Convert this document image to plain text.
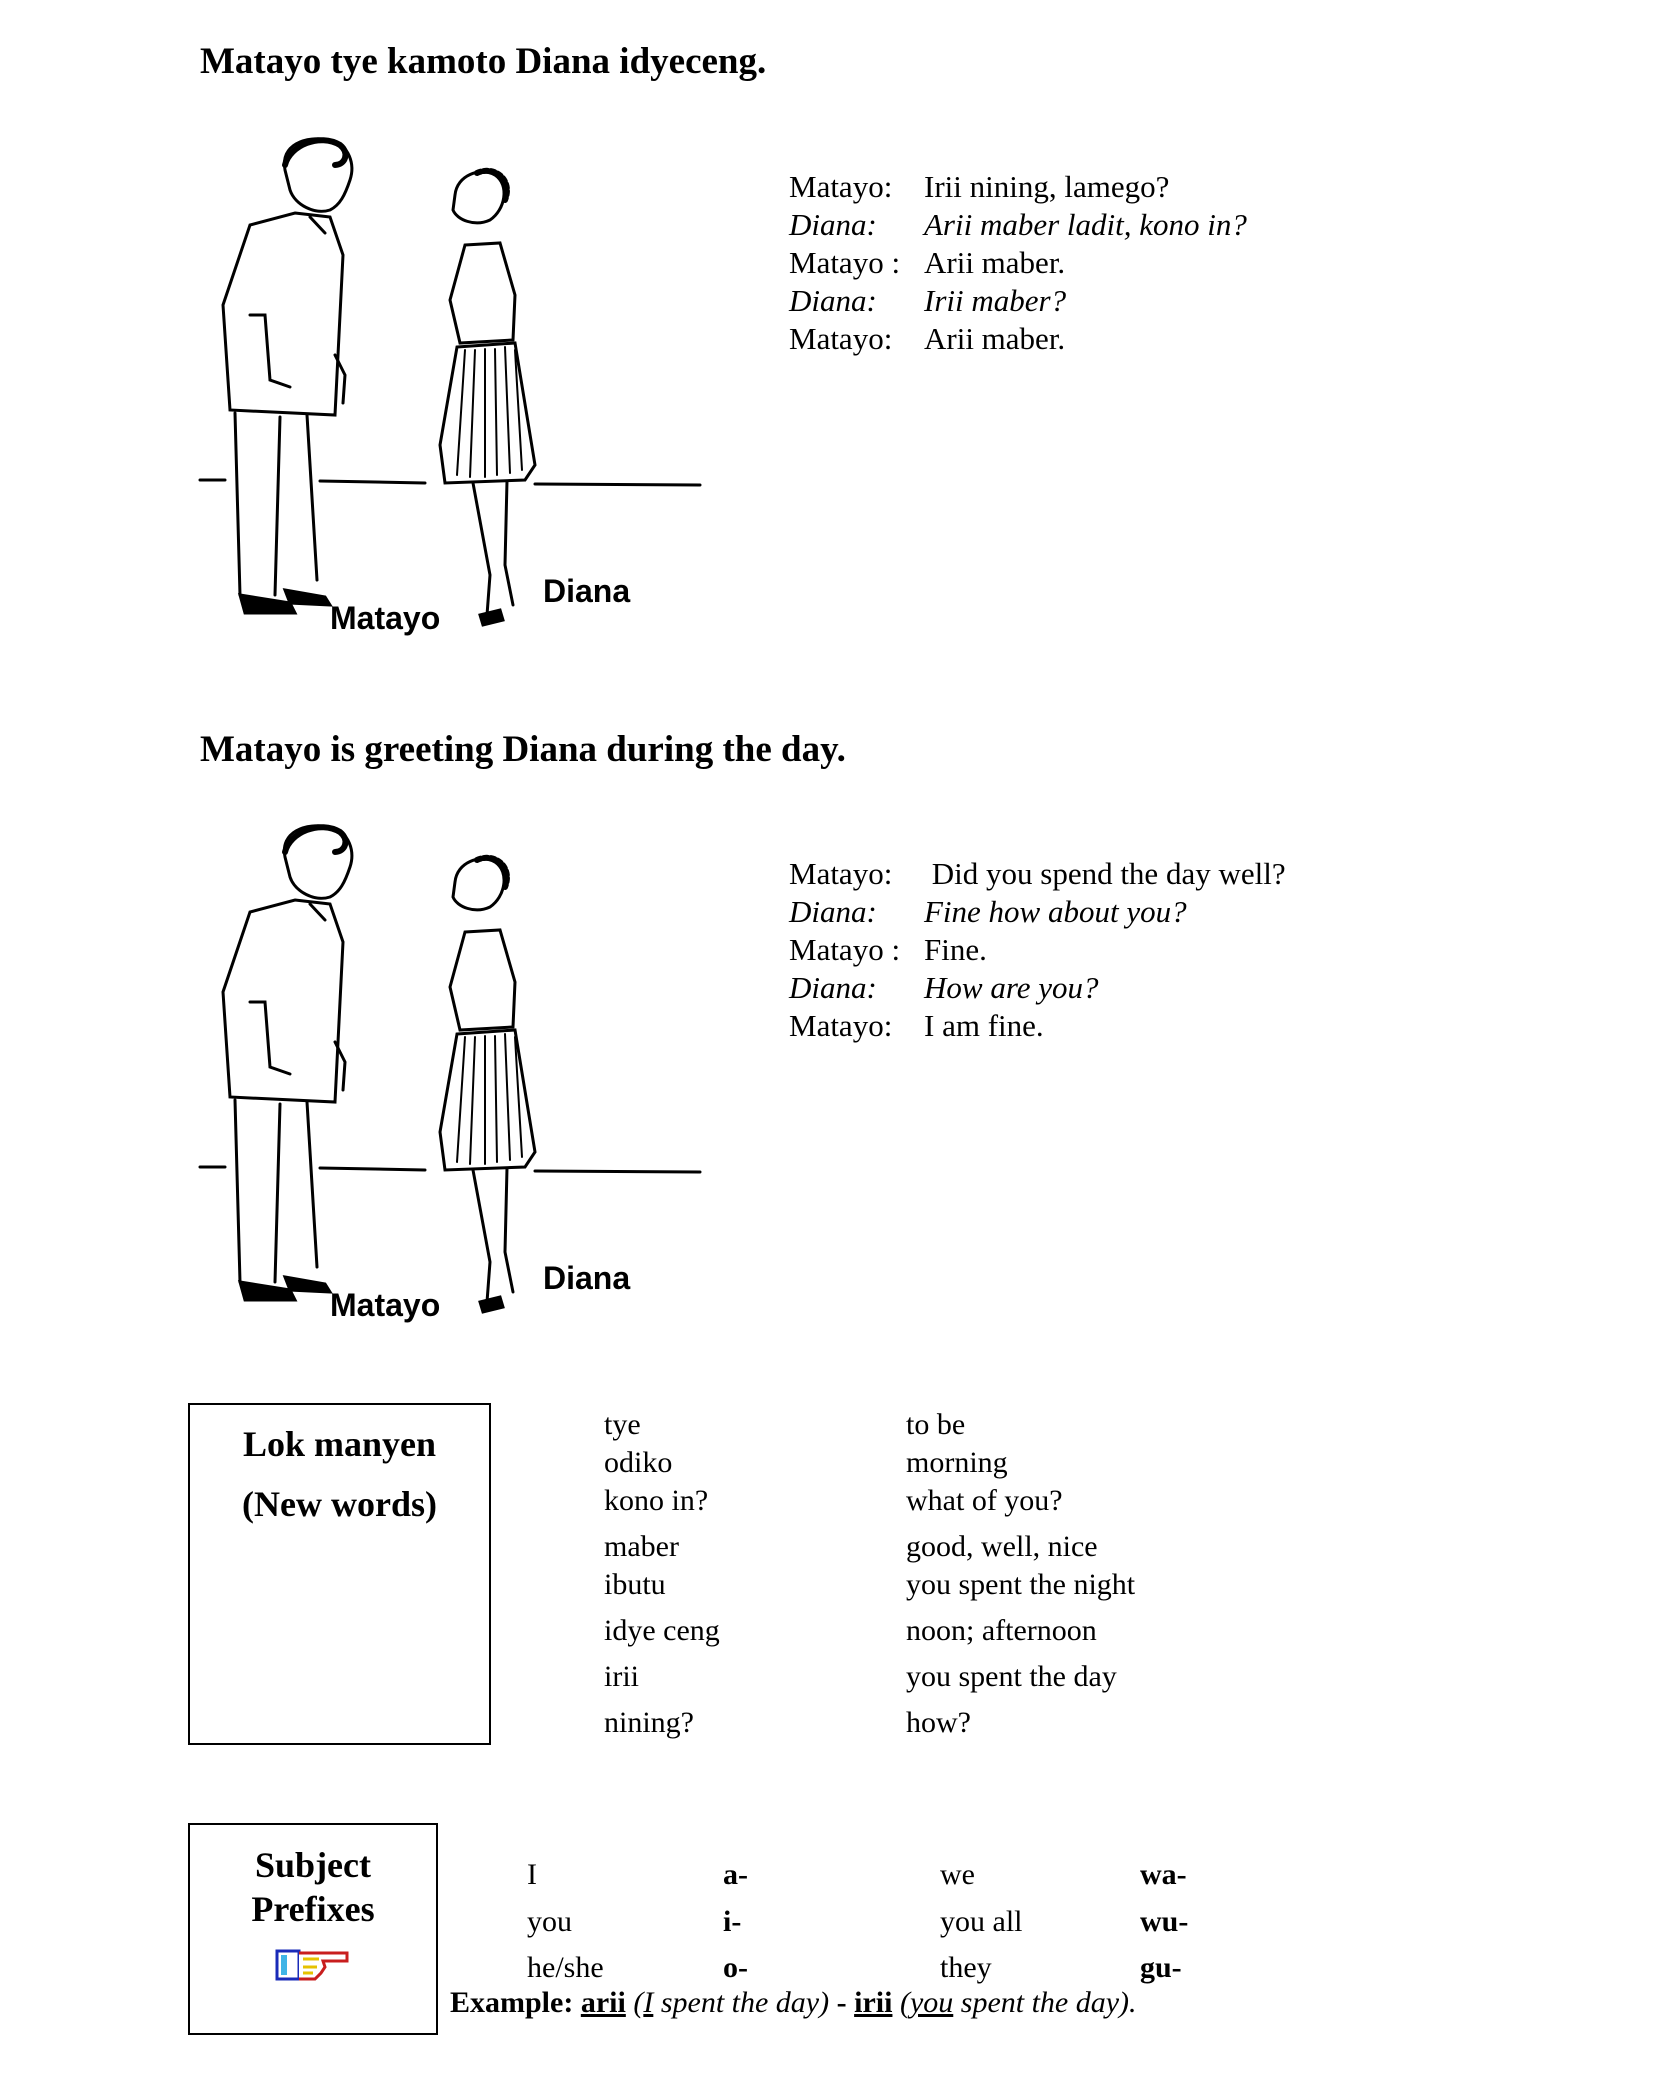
Matayo tye kamoto Diana idyeceng.
Matayo
Diana
Matayo:	Irii nining, lamego?
Diana:	Arii maber ladit, kono in?
Matayo : Arii maber.
Diana:	Irii maber?
Matayo:	Arii maber.
Matayo is greeting Diana during the day.
Matayo
Diana
Matayo:	Did you spend the day well?
Diana:	Fine how about you?
Matayo : Fine.
Diana:	How are you?
Matayo:	I am fine.
Lok manyen
(New words)
tye	to be
odiko	morning
kono in?	what of you?
maber	good, well, nice
ibutu	you spent the night
idye ceng	noon; afternoon
irii	you spent the day
nining?	how?
Subject
Prefixes
I	a-	we	wa-
you	i-	you all	wu-
he/she	o-	they	gu-
Example: arii (I spent the day) - irii (you spent the day).
